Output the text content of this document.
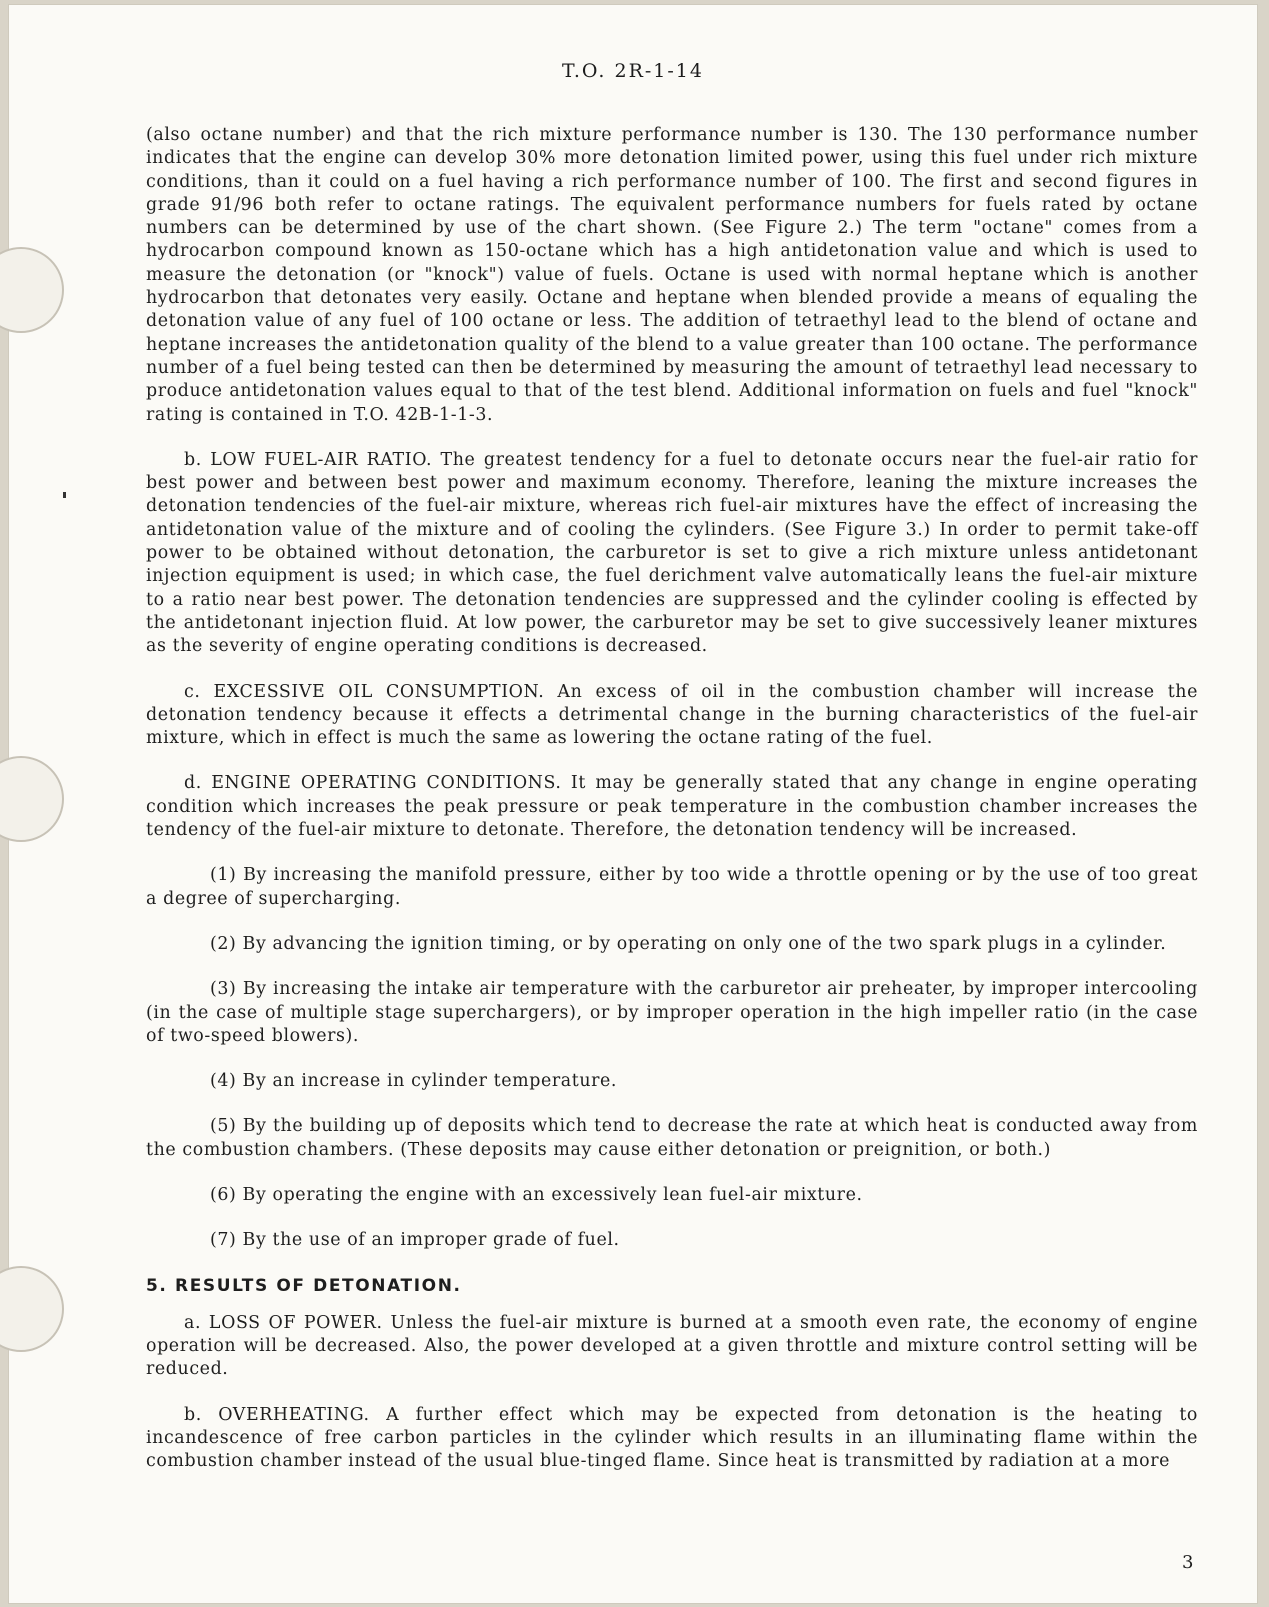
T.O. 2R-1-14

(also octane number) and that the rich mixture performance number is 130. The 130 performance number indicates that the engine can develop 30% more detonation limited power, using this fuel under rich mixture conditions, than it could on a fuel having a rich performance number of 100. The first and second figures in grade 91/96 both refer to octane ratings. The equivalent performance numbers for fuels rated by octane numbers can be determined by use of the chart shown. (See Figure 2.) The term "octane" comes from a hydrocarbon compound known as 150-octane which has a high antidetonation value and which is used to measure the detonation (or "knock") value of fuels. Octane is used with normal heptane which is another hydrocarbon that detonates very easily. Octane and heptane when blended provide a means of equaling the detonation value of any fuel of 100 octane or less. The addition of tetraethyl lead to the blend of octane and heptane increases the antidetonation quality of the blend to a value greater than 100 octane. The performance number of a fuel being tested can then be determined by measuring the amount of tetraethyl lead necessary to produce antidetonation values equal to that of the test blend. Additional information on fuels and fuel "knock" rating is contained in T.O. 42B-1-1-3.

b. LOW FUEL-AIR RATIO. The greatest tendency for a fuel to detonate occurs near the fuel-air ratio for best power and between best power and maximum economy. Therefore, leaning the mixture increases the detonation tendencies of the fuel-air mixture, whereas rich fuel-air mixtures have the effect of increasing the antidetonation value of the mixture and of cooling the cylinders. (See Figure 3.) In order to permit take-off power to be obtained without detonation, the carburetor is set to give a rich mixture unless antidetonant injection equipment is used; in which case, the fuel derichment valve automatically leans the fuel-air mixture to a ratio near best power. The detonation tendencies are suppressed and the cylinder cooling is effected by the antidetonant injection fluid. At low power, the carburetor may be set to give successively leaner mixtures as the severity of engine operating conditions is decreased.

c. EXCESSIVE OIL CONSUMPTION. An excess of oil in the combustion chamber will increase the detonation tendency because it effects a detrimental change in the burning characteristics of the fuel-air mixture, which in effect is much the same as lowering the octane rating of the fuel.

d. ENGINE OPERATING CONDITIONS. It may be generally stated that any change in engine operating condition which increases the peak pressure or peak temperature in the combustion chamber increases the tendency of the fuel-air mixture to detonate. Therefore, the detonation tendency will be increased.

(1) By increasing the manifold pressure, either by too wide a throttle opening or by the use of too great a degree of supercharging.

(2) By advancing the ignition timing, or by operating on only one of the two spark plugs in a cylinder.

(3) By increasing the intake air temperature with the carburetor air preheater, by improper intercooling (in the case of multiple stage superchargers), or by improper operation in the high impeller ratio (in the case of two-speed blowers).

(4) By an increase in cylinder temperature.

(5) By the building up of deposits which tend to decrease the rate at which heat is conducted away from the combustion chambers. (These deposits may cause either detonation or preignition, or both.)

(6) By operating the engine with an excessively lean fuel-air mixture.

(7) By the use of an improper grade of fuel.

5. RESULTS OF DETONATION.

a. LOSS OF POWER. Unless the fuel-air mixture is burned at a smooth even rate, the economy of engine operation will be decreased. Also, the power developed at a given throttle and mixture control setting will be reduced.

b. OVERHEATING. A further effect which may be expected from detonation is the heating to incandescence of free carbon particles in the cylinder which results in an illuminating flame within the combustion chamber instead of the usual blue-tinged flame. Since heat is transmitted by radiation at a more

3
